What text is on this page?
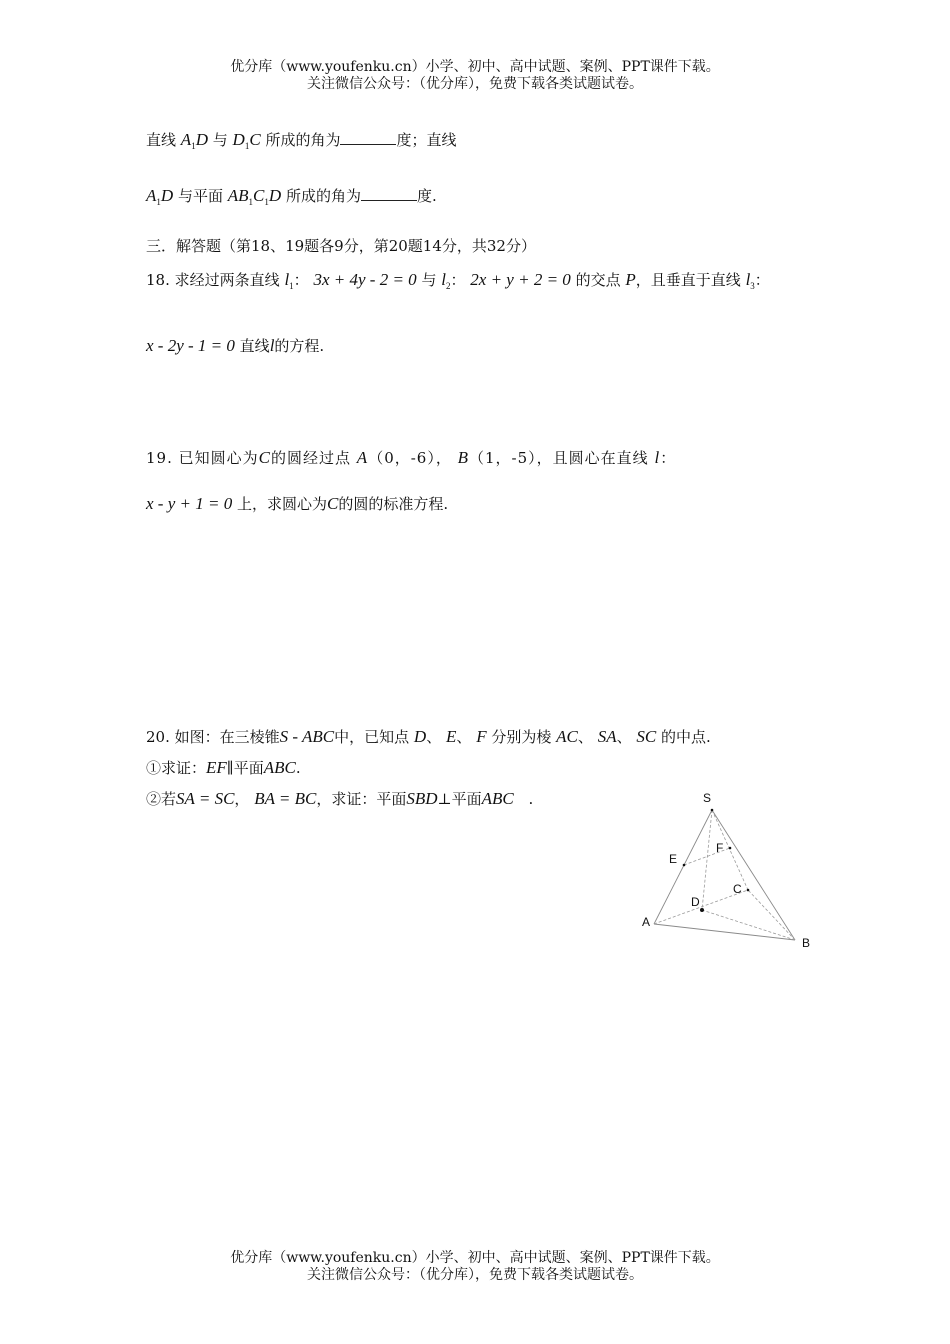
优分库（www.youfenku.cn）小学、初中、高中试题、案例、PPT课件下载。
关注微信公众号：（优分库），免费下载各类试题试卷。
直线 $A_1D$ 与 $D_1C$ 所成的角为	度；直线
$A_1D$ 与平面 $AB_1C_1D$ 所成的角为	度.
三．解答题（第18、19题各9分，第20题14分，共32分）
18. 求经过两条直线 $l_1$： 3x + 4y - 2 = 0 与 $l_2$： 2x + y + 2 = 0 的交点 P，且垂直于直线 $l_3$：
x - 2y - 1 = 0 直线l的方程.
19. 已知圆心为C的圆经过点 A（0，-6）， B（1，-5），且圆心在直线 l：
x - y + 1 = 0 上，求圆心为C的圆的标准方程.
20. 如图：在三棱锥S - ABC中，已知点 D、 E、 F 分别为棱 AC、 SA、 SC 的中点.
①求证：EF∥平面ABC.
②若SA = SC， BA = BC，求证：平面SBD⊥平面ABC .	S
E
F
C
D
A
B
优分库（www.youfenku.cn）小学、初中、高中试题、案例、PPT课件下载。
关注微信公众号：（优分库），免费下载各类试题试卷。
